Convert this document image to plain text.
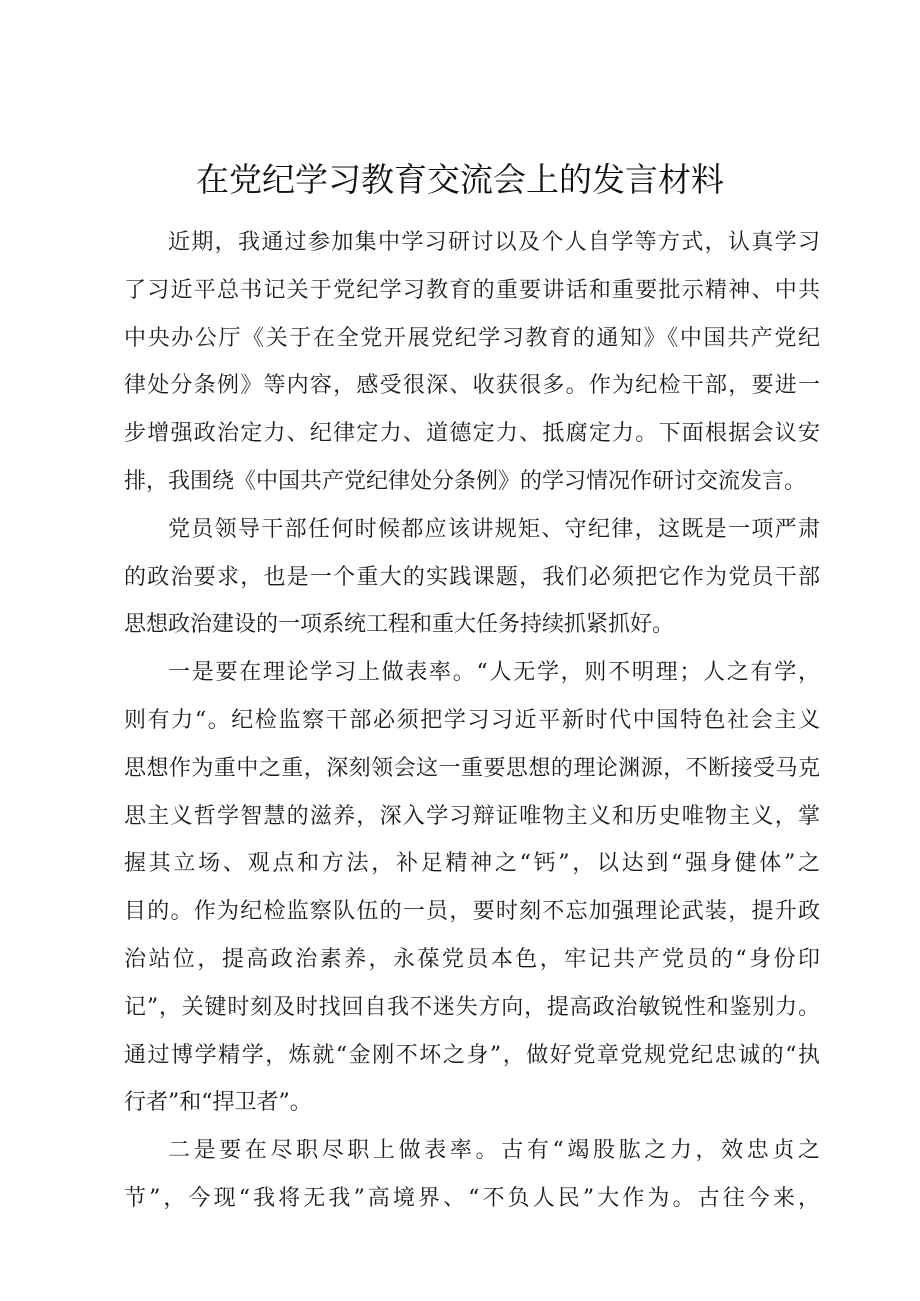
在党纪学习教育交流会上的发言材料
近期，我通过参加集中学习研讨以及个人自学等方式，认真学习
了习近平总书记关于党纪学习教育的重要讲话和重要批示精神、中共
中央办公厅《关于在全党开展党纪学习教育的通知》《中国共产党纪
律处分条例》等内容，感受很深、收获很多。作为纪检干部，要进一
步增强政治定力、纪律定力、道德定力、抵腐定力。下面根据会议安
排，我围绕《中国共产党纪律处分条例》的学习情况作研讨交流发言。
党员领导干部任何时候都应该讲规矩、守纪律，这既是一项严肃
的政治要求，也是一个重大的实践课题，我们必须把它作为党员干部
思想政治建设的一项系统工程和重大任务持续抓紧抓好。
一是要在理论学习上做表率。“人无学，则不明理；人之有学，
则有力“。纪检监察干部必须把学习习近平新时代中国特色社会主义
思想作为重中之重，深刻领会这一重要思想的理论渊源，不断接受马克
思主义哲学智慧的滋养，深入学习辩证唯物主义和历史唯物主义，掌
握其立场、观点和方法，补足精神之“钙”，以达到“强身健体”之
目的。作为纪检监察队伍的一员，要时刻不忘加强理论武装，提升政
治站位，提高政治素养，永葆党员本色，牢记共产党员的“身份印
记”，关键时刻及时找回自我不迷失方向，提高政治敏锐性和鉴别力。
通过博学精学，炼就“金刚不坏之身”，做好党章党规党纪忠诚的“执
行者”和“捍卫者”。
二是要在尽职尽职上做表率。古有“竭股肱之力，效忠贞之
节”，今现“我将无我”高境界、“不负人民”大作为。古往今来，
